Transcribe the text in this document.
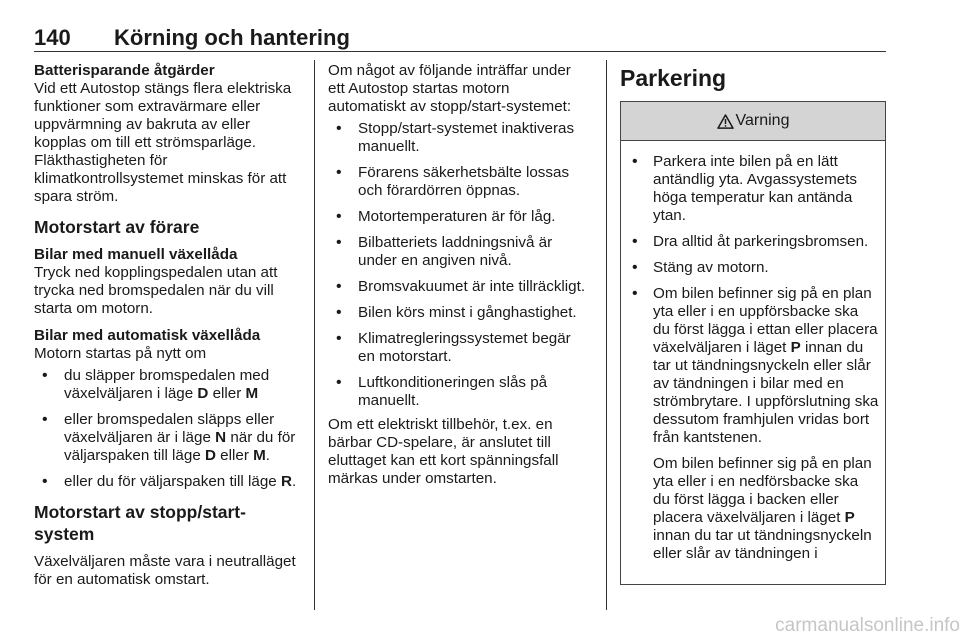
140 Körning och hantering

Batterisparande åtgärder

Vid ett Autostop stängs flera elektriska funktioner som extravärmare eller uppvärmning av bakruta av eller kopplas om till ett strömsparläge. Fläkthastigheten för klimatkontrollsystemet minskas för att spara ström.

Motorstart av förare

Bilar med manuell växellåda

Tryck ned kopplingspedalen utan att trycka ned bromspedalen när du vill starta om motorn.

Bilar med automatisk växellåda

Motorn startas på nytt om

• du släpper bromspedalen med växelväljaren i läge D eller M
• eller bromspedalen släpps eller växelväljaren är i läge N när du för väljarspaken till läge D eller M.
• eller du för väljarspaken till läge R.

Motorstart av stopp/start-system

Växelväljaren måste vara i neutralläget för en automatisk omstart.

Om något av följande inträffar under ett Autostop startas motorn automatiskt av stopp/start-systemet:

• Stopp/start-systemet inaktiveras manuellt.
• Förarens säkerhetsbälte lossas och förardörren öppnas.
• Motortemperaturen är för låg.
• Bilbatteriets laddningsnivå är under en angiven nivå.
• Bromsvakuumet är inte tillräckligt.
• Bilen körs minst i gånghastighet.
• Klimatregleringssystemet begär en motorstart.
• Luftkonditioneringen slås på manuellt.

Om ett elektriskt tillbehör, t.ex. en bärbar CD-spelare, är anslutet till eluttaget kan ett kort spänningsfall märkas under omstarten.

Parkering

Varning
• Parkera inte bilen på en lätt antändlig yta. Avgassystemets höga temperatur kan antända ytan.
• Dra alltid åt parkeringsbromsen.
• Stäng av motorn.
• Om bilen befinner sig på en plan yta eller i en uppförsbacke ska du först lägga i ettan eller placera växelväljaren i läget P innan du tar ut tändningsnyckeln eller slår av tändningen i bilar med en strömbrytare. I uppförslutning ska dessutom framhjulen vridas bort från kantstenen.

Om bilen befinner sig på en plan yta eller i en nedförsbacke ska du först lägga i backen eller placera växelväljaren i läget P innan du tar ut tändningsnyckeln eller slår av tändningen i

carmanualsonline.info
